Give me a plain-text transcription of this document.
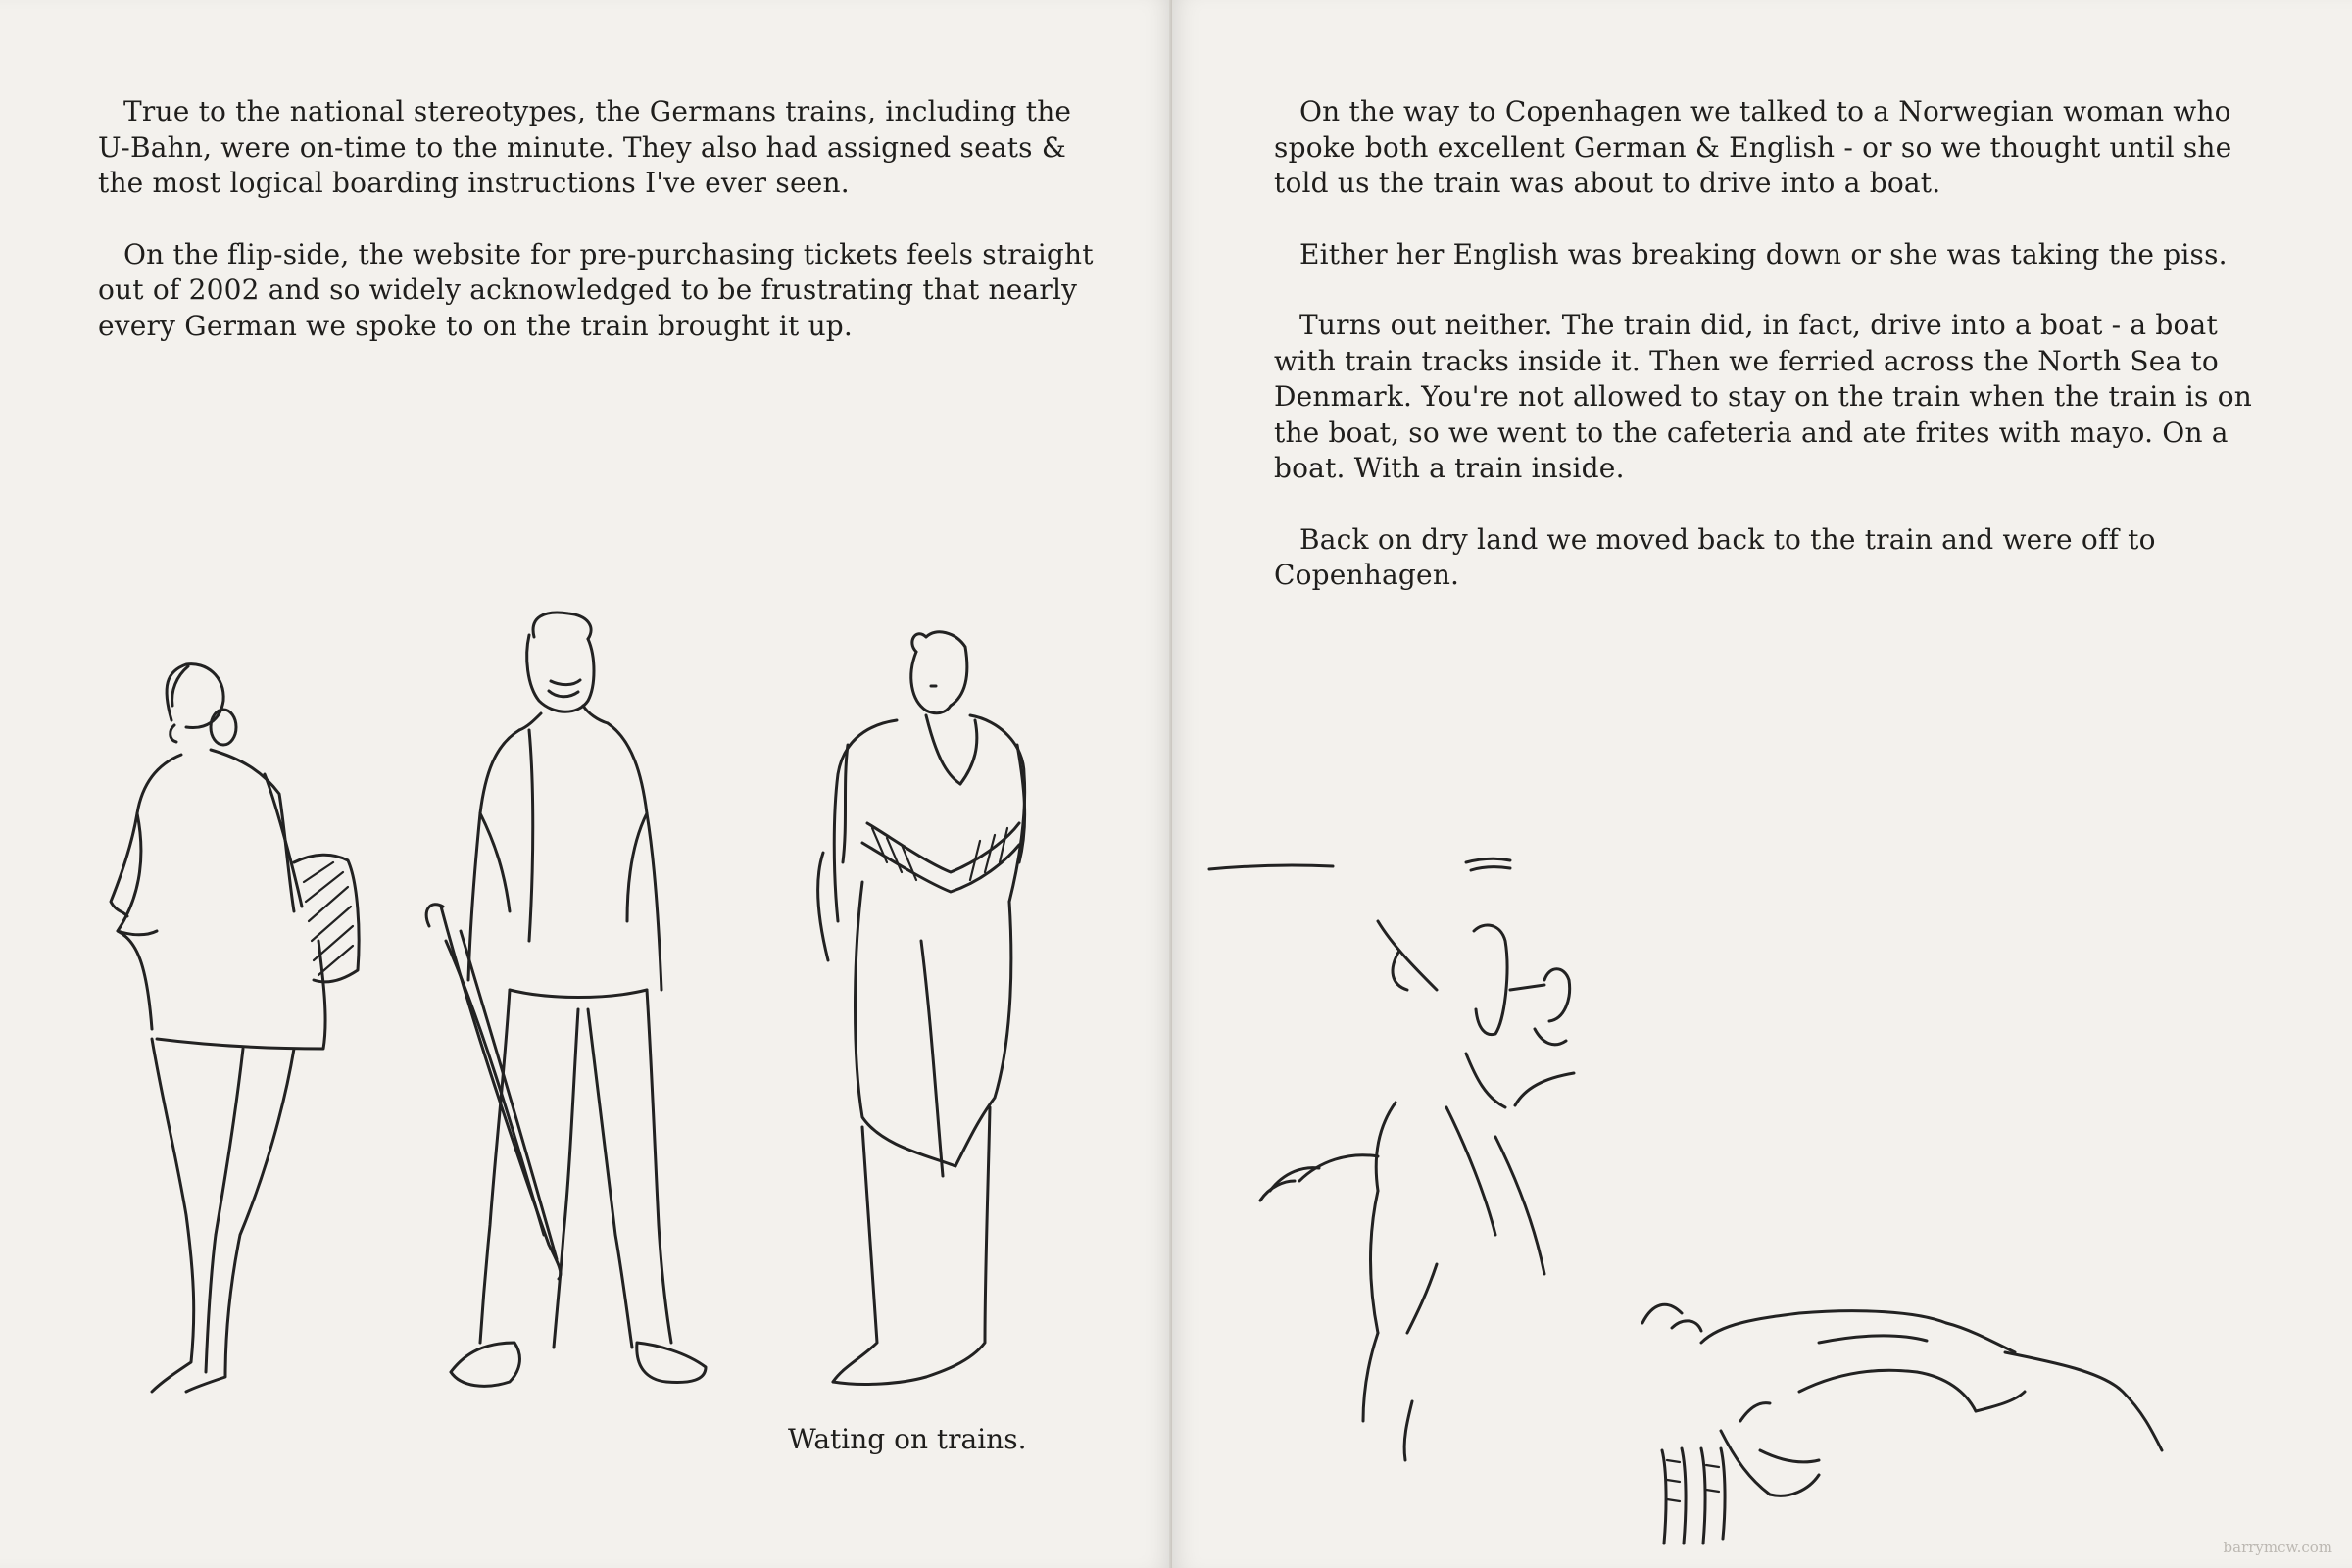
True to the national stereotypes, the Germans trains, including the U-Bahn, were on-time to the minute. They also had assigned seats & the most logical boarding instructions I've ever seen.

On the flip-side, the website for pre-purchasing tickets feels straight out of 2002 and so widely acknowledged to be frustrating that nearly every German we spoke to on the train brought it up.

Wating on trains.

On the way to Copenhagen we talked to a Norwegian woman who spoke both excellent German & English - or so we thought until she told us the train was about to drive into a boat.

Either her English was breaking down or she was taking the piss.

Turns out neither. The train did, in fact, drive into a boat - a boat with train tracks inside it. Then we ferried across the North Sea to Denmark. You're not allowed to stay on the train when the train is on the boat, so we went to the cafeteria and ate frites with mayo. On a boat. With a train inside.

Back on dry land we moved back to the train and were off to Copenhagen.

barrymcw.com
